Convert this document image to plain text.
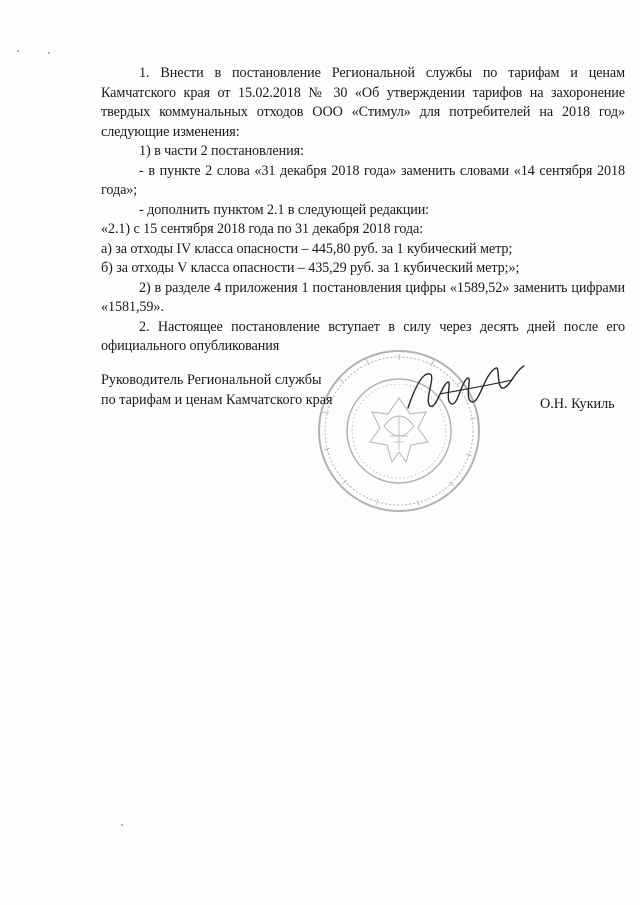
1. Внести в постановление Региональной службы по тарифам и ценам Камчатского края от 15.02.2018 № 30 «Об утверждении тарифов на захоронение твердых коммунальных отходов ООО «Стимул» для потребителей на 2018 год» следующие изменения:

1) в части 2 постановления:

- в пункте 2 слова «31 декабря 2018 года» заменить словами «14 сентября 2018 года»;

- дополнить пунктом 2.1 в следующей редакции:

«2.1) с 15 сентября 2018 года по 31 декабря 2018 года:

а) за отходы IV класса опасности – 445,80 руб. за 1 кубический метр;

б) за отходы V класса опасности – 435,29 руб. за 1 кубический метр;»;

2) в разделе 4 приложения 1 постановления цифры «1589,52» заменить цифрами «1581,59».

2. Настоящее постановление вступает в силу через десять дней после его официального опубликования

Руководитель Региональной службы
по тарифам и ценам Камчатского края	О.Н. Кукиль
